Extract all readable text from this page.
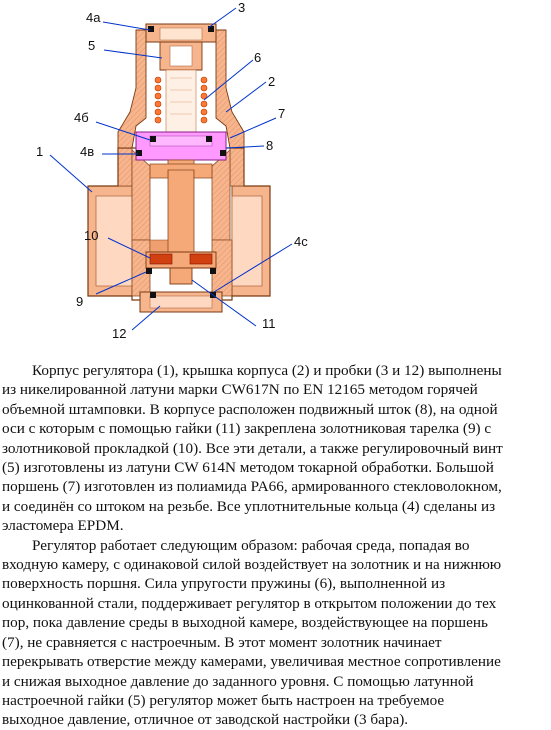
4а
3
5
6
2
7
4б
8
1	4в
10	4с
9
11
12

Корпус регулятора (1), крышка корпуса (2) и пробки (3 и 12) выполнены

из никелированной латуни марки CW617N по EN 12165 методом горячей

объемной штамповки. В корпусе расположен подвижный шток (8), на одной

оси с которым с помощью гайки (11) закреплена золотниковая тарелка (9) с

золотниковой прокладкой (10). Все эти детали, а также регулировочный винт

(5) изготовлены из латуни CW 614N методом токарной обработки. Большой

поршень (7) изготовлен из полиамида PA66, армированного стекловолокном,

и соединён со штоком на резьбе. Все уплотнительные кольца (4) сделаны из

эластомера EPDM.

Регулятор работает следующим образом: рабочая среда, попадая во

входную камеру, с одинаковой силой воздействует на золотник и на нижнюю

поверхность поршня. Сила упругости пружины (6), выполненной из

оцинкованной стали, поддерживает регулятор в открытом положении до тех

пор, пока давление среды в выходной камере, воздействующее на поршень

(7), не сравняется с настроечным. В этот момент золотник начинает

перекрывать отверстие между камерами, увеличивая местное сопротивление

и снижая выходное давление до заданного уровня. С помощью латунной

настроечной гайки (5) регулятор может быть настроен на требуемое

выходное давление, отличное от заводской настройки (3 бара).
